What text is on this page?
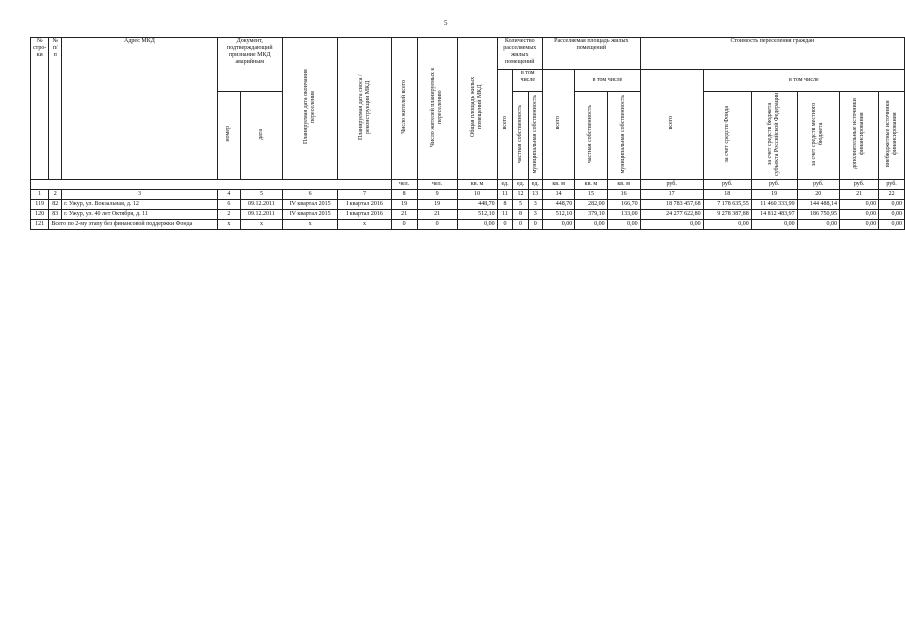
5
№ стро-ки	№ п/п	Адрес МКД	Документ, подтверждающий признание МКД аварийным		Планируемая дата окончания переселения	Планируемая дата сноса / реконструкции МКД	Число жителей всего	Число жителей планируемых к переселению	Общая площадь жилых помещений МКД	Количество расселяемых жилых помещений			Расселяемая площадь жилых помещений			Стоимость переселения граждан					
										всего	в том числе		всего	в том числе		всего	в том числе				
			номер	дата							частная собственность	муниципальная собственность		частная собственность	муниципальная собственность		за счет средств Фонда	за счет средств бюджета субъекта Российской Федерации	за счет средств местного бюджета	дополнительные источники финансирования	внебюджетные источники финансирования
							чел.	чел.	кв. м	ед.	ед.	ед.	кв. м	кв. м	кв. м	руб.	руб.	руб.	руб.	руб.	руб.
1	2	3	4	5	6	7	8	9	10	11	12	13	14	15	16	17	18	19	20	21	22
119	82	г. Ужур, ул. Вокзальная, д. 12	6	09.12.2011	IV квартал 2015	I квартал 2016	19	19	448,70	8	5	3	448,70	282,00	166,70	18 783 457,68	7 178 635,55	11 460 333,99	144 488,14	0,00	0,00
120	83	г. Ужур, ул. 40 лет Октября, д. 11	2	09.12.2011	IV квартал 2015	I квартал 2016	21	21	512,10	11	8	3	512,10	379,10	133,00	24 277 622,80	9 278 387,88	14 812 483,97	186 750,95	0,00	0,00
121	Всего по 2-му этапу без финансовой поддержки Фонда		х	х	х	х	0	0	0,00	0	0	0	0,00	0,00	0,00	0,00	0,00	0,00	0,00	0,00	0,00
